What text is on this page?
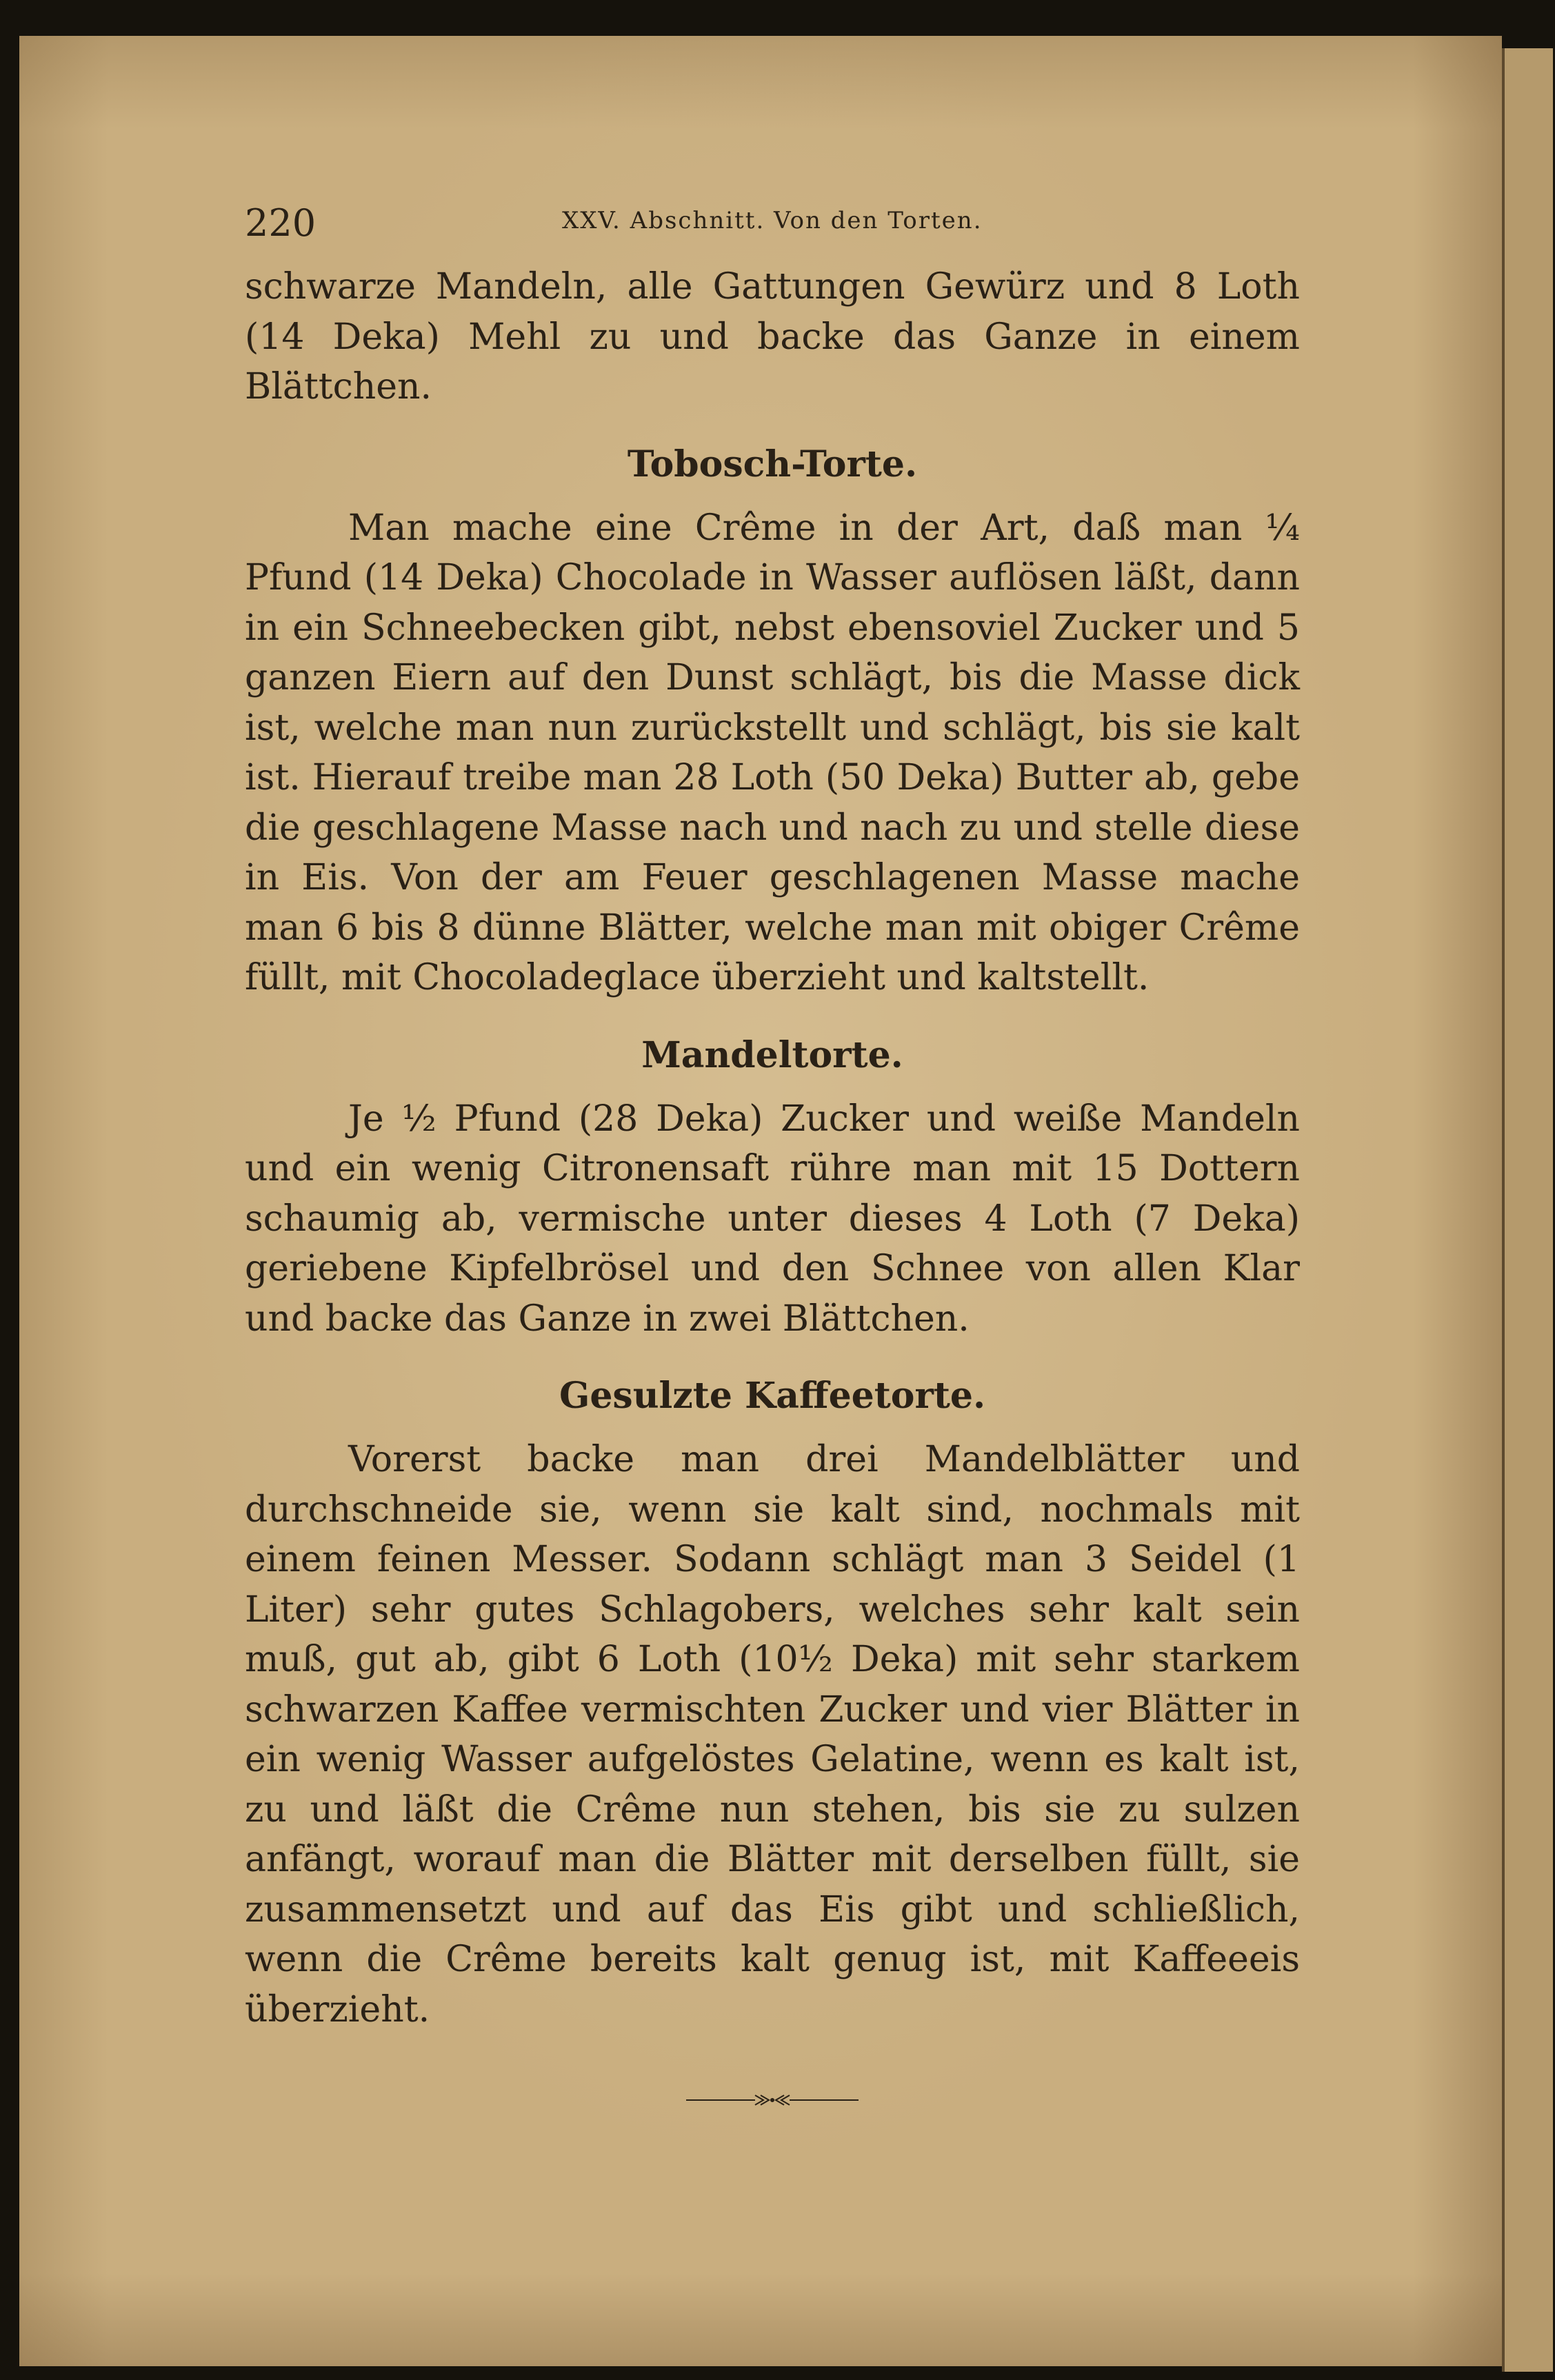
220	XXV. Abschnitt. Von den Torten.

schwarze Mandeln, alle Gattungen Gewürz und 8 Loth (14 Deka) Mehl zu und backe das Ganze in einem Blättchen.

Tobosch-Torte.

Man mache eine Crême in der Art, daß man ¼ Pfund (14 Deka) Chocolade in Wasser auflösen läßt, dann in ein Schneebecken gibt, nebst ebensoviel Zucker und 5 ganzen Eiern auf den Dunst schlägt, bis die Masse dick ist, welche man nun zurückstellt und schlägt, bis sie kalt ist. Hierauf treibe man 28 Loth (50 Deka) Butter ab, gebe die geschlagene Masse nach und nach zu und stelle diese in Eis. Von der am Feuer geschlagenen Masse mache man 6 bis 8 dünne Blätter, welche man mit obiger Crême füllt, mit Chocoladeglace überzieht und kaltstellt.

Mandeltorte.

Je ½ Pfund (28 Deka) Zucker und weiße Mandeln und ein wenig Citronensaft rühre man mit 15 Dottern schaumig ab, vermische unter dieses 4 Loth (7 Deka) geriebene Kipfelbrösel und den Schnee von allen Klar und backe das Ganze in zwei Blättchen.

Gesulzte Kaffeetorte.

Vorerst backe man drei Mandelblätter und durchschneide sie, wenn sie kalt sind, nochmals mit einem feinen Messer. Sodann schlägt man 3 Seidel (1 Liter) sehr gutes Schlagobers, welches sehr kalt sein muß, gut ab, gibt 6 Loth (10½ Deka) mit sehr starkem schwarzen Kaffee vermischten Zucker und vier Blätter in ein wenig Wasser aufgelöstes Gelatine, wenn es kalt ist, zu und läßt die Crême nun stehen, bis sie zu sulzen anfängt, worauf man die Blätter mit derselben füllt, sie zusammensetzt und auf das Eis gibt und schließlich, wenn die Crême bereits kalt genug ist, mit Kaffeeeis überzieht.
